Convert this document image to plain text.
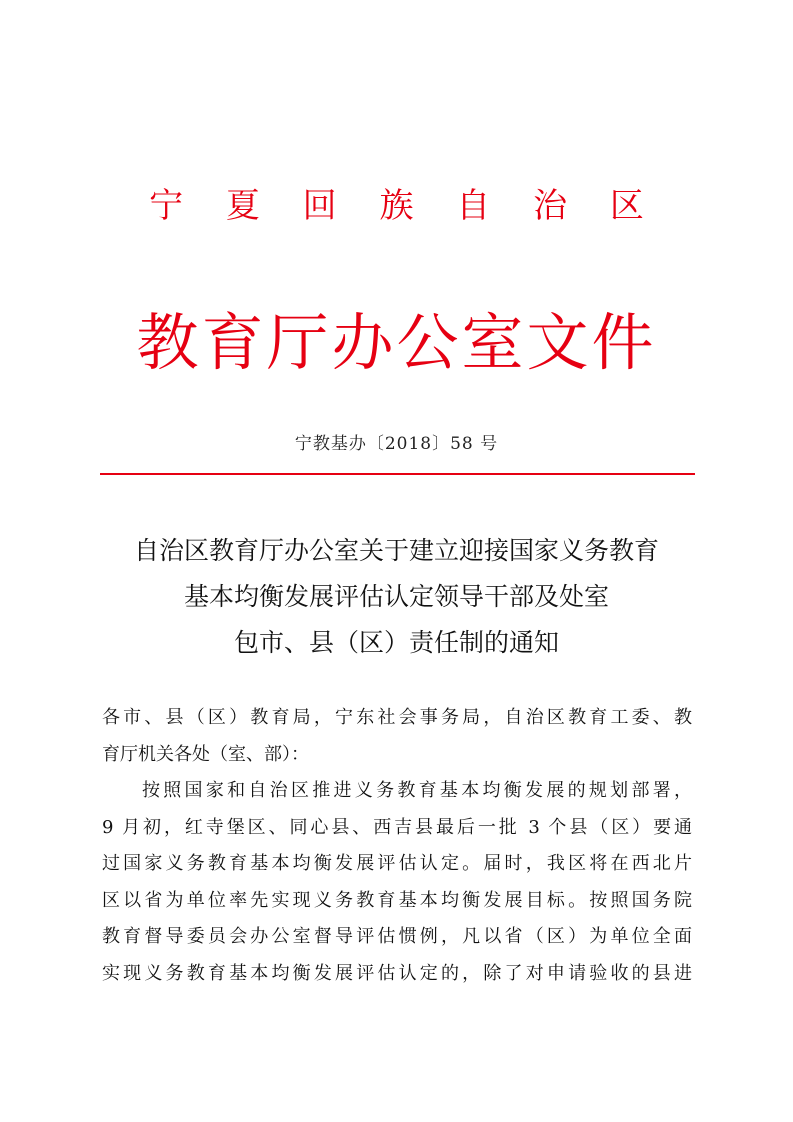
宁 夏 回 族 自 治 区
教育厅办公室文件
宁教基办〔2018〕58 号
自治区教育厅办公室关于建立迎接国家义务教育
基本均衡发展评估认定领导干部及处室
包市、县（区）责任制的通知
各市、县（区）教育局，宁东社会事务局，自治区教育工委、教
育厅机关各处（室、部）：
按照国家和自治区推进义务教育基本均衡发展的规划部署，
9 月初，红寺堡区、同心县、西吉县最后一批 3 个县（区）要通
过国家义务教育基本均衡发展评估认定。届时，我区将在西北片
区以省为单位率先实现义务教育基本均衡发展目标。按照国务院
教育督导委员会办公室督导评估惯例，凡以省（区）为单位全面
实现义务教育基本均衡发展评估认定的，除了对申请验收的县进
